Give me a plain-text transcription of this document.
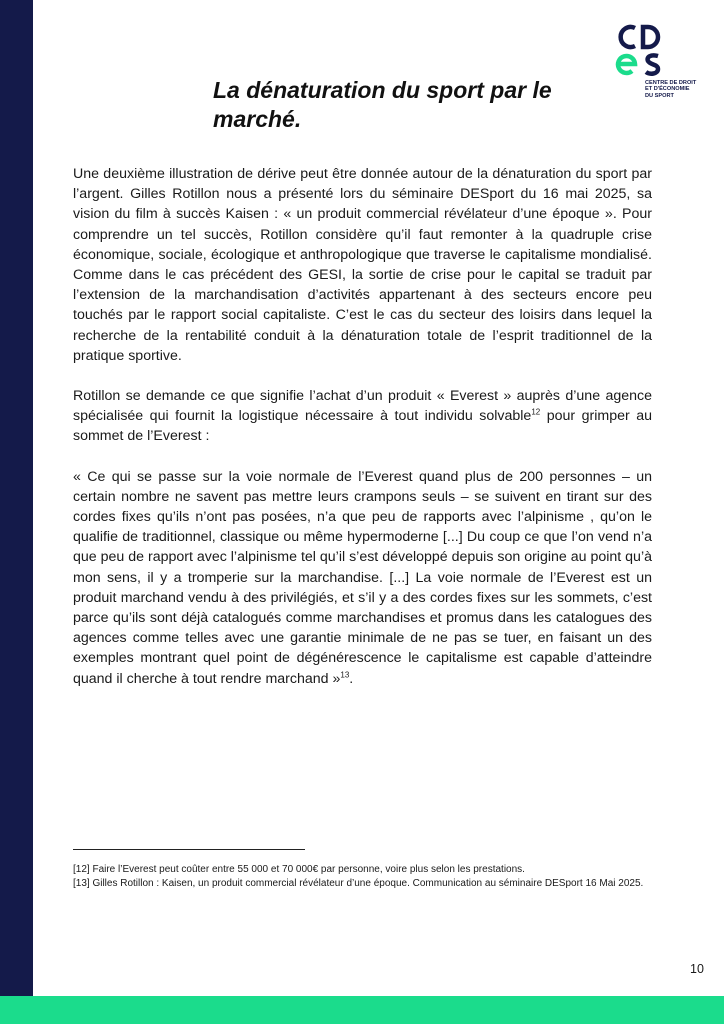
CENTRE DE DROIT
ET D'ÉCONOMIE
DU SPORT
La dénaturation du sport par le marché.

Une deuxième illustration de dérive peut être donnée autour de la dénaturation du sport par l’argent. Gilles Rotillon nous a présenté lors du séminaire DESport du 16 mai 2025, sa vision du film à succès Kaisen : « un produit commercial révélateur d’une époque ». Pour comprendre un tel succès, Rotillon considère qu’il faut remonter à la quadruple crise économique, sociale, écologique et anthropologique que traverse le capitalisme mondialisé. Comme dans le cas précédent des GESI, la sortie de crise pour le capital se traduit par l’extension de la marchandisation d’activités appartenant à des secteurs encore peu touchés par le rapport social capitaliste. C’est le cas du secteur des loisirs dans lequel la recherche de la rentabilité conduit à la dénaturation totale de l’esprit traditionnel de la pratique sportive.

Rotillon se demande ce que signifie l’achat d’un produit « Everest » auprès d’une agence spécialisée qui fournit la logistique nécessaire à tout individu solvable$^{12}$ pour grimper au sommet de l’Everest :

« Ce qui se passe sur la voie normale de l’Everest quand plus de 200 personnes – un certain nombre ne savent pas mettre leurs crampons seuls – se suivent en tirant sur des cordes fixes qu’ils n’ont pas posées, n’a que peu de rapports avec l’alpinisme , qu’on le qualifie de traditionnel, classique ou même hypermoderne [...] Du coup ce que l’on vend n’a que peu de rapport avec l’alpinisme tel qu’il s’est développé depuis son origine au point qu’à mon sens, il y a tromperie sur la marchandise. [...] La voie normale de l’Everest est un produit marchand vendu à des privilégiés, et s’il y a des cordes fixes sur les sommets, c’est parce qu’ils sont déjà catalogués comme marchandises et promus dans les catalogues des agences comme telles avec une garantie minimale de ne pas se tuer, en faisant un des exemples montrant quel point de dégénérescence le capitalisme est capable d’atteindre quand il cherche à tout rendre marchand »$^{13}$.

[12] Faire l’Everest peut coûter entre 55 000 et 70 000€ par personne, voire plus selon les prestations.
[13] Gilles Rotillon : Kaisen, un produit commercial révélateur d’une époque. Communication au séminaire DESport 16 Mai 2025.
10
